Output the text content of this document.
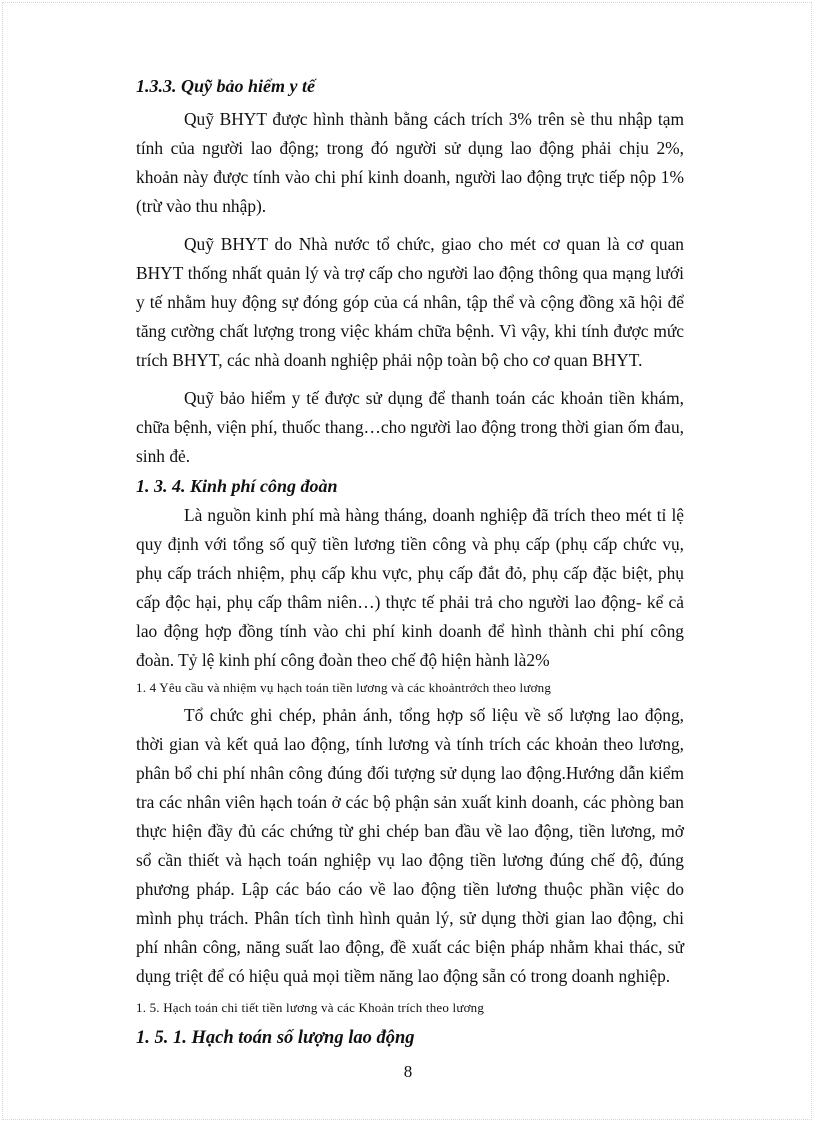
1.3.3. Quỹ bảo hiểm y tế

Quỹ BHYT được hình thành bằng cách trích 3% trên sè thu nhập tạm tính của người lao động; trong đó người sử dụng lao động phải chịu 2%, khoản này được tính vào chi phí kinh doanh, người lao động trực tiếp nộp 1% (trừ vào thu nhập).

Quỹ BHYT do Nhà nước tổ chức, giao cho mét cơ quan là cơ quan BHYT thống nhất quản lý và trợ cấp cho người lao động thông qua mạng lưới y tế nhằm huy động sự đóng góp của cá nhân, tập thể và cộng đồng xã hội để tăng cường chất lượng trong việc khám chữa bệnh. Vì vậy, khi tính được mức trích BHYT, các nhà doanh nghiệp phải nộp toàn bộ cho cơ quan BHYT.

Quỹ bảo hiểm y tế được sử dụng để thanh toán các khoản tiền khám, chữa bệnh, viện phí, thuốc thang…cho người lao động trong thời gian ốm đau, sinh đẻ.

1. 3. 4. Kinh phí công đoàn

Là nguồn kinh phí mà hàng tháng, doanh nghiệp đã trích theo mét tỉ lệ quy định với tổng số quỹ tiền lương tiền công và phụ cấp (phụ cấp chức vụ, phụ cấp trách nhiệm, phụ cấp khu vực, phụ cấp đắt đỏ, phụ cấp đặc biệt, phụ cấp độc hại, phụ cấp thâm niên…) thực tế phải trả cho người lao động- kể cả lao động hợp đồng tính vào chi phí kinh doanh để hình thành chi phí công đoàn. Tỷ lệ kinh phí công đoàn theo chế độ hiện hành là2%

1. 4 Yêu cầu và nhiệm vụ hạch toán tiền lương và các khoảntrớch theo lương

Tổ chức ghi chép, phản ánh, tổng hợp số liệu về số lượng lao động, thời gian và kết quả lao động, tính lương và tính trích các khoản theo lương, phân bổ chi phí nhân công đúng đối tượng sử dụng lao động.Hướng dẫn kiểm tra các nhân viên hạch toán ở các bộ phận sản xuất kinh doanh, các phòng ban thực hiện đầy đủ các chứng từ ghi chép ban đầu về lao động, tiền lương, mở sổ cần thiết và hạch toán nghiệp vụ lao động tiền lương đúng chế độ, đúng phương pháp. Lập các báo cáo về lao động tiền lương thuộc phần việc do mình phụ trách. Phân tích tình hình quản lý, sử dụng thời gian lao động, chi phí nhân công, năng suất lao động, đề xuất các biện pháp nhằm khai thác, sử dụng triệt để có hiệu quả mọi tiềm năng lao động sẵn có trong doanh nghiệp.

1. 5. Hạch toán chi tiết tiền lương và các Khoản trích theo lương
1. 5. 1. Hạch toán số lượng lao động
8
